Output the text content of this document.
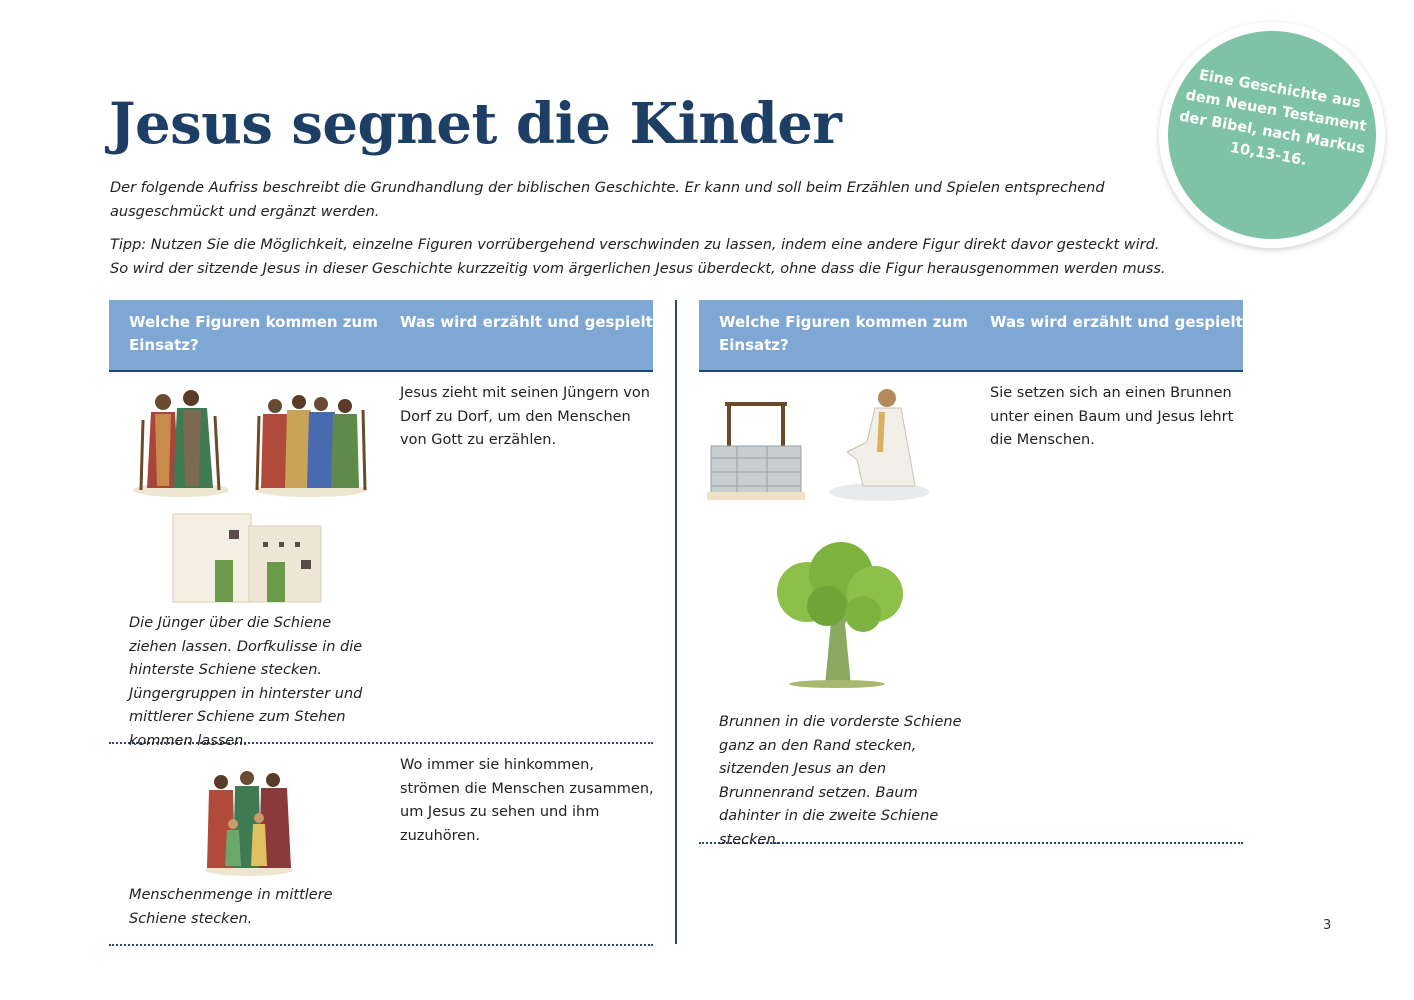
Jesus segnet die Kinder

Der folgende Aufriss beschreibt die Grundhandlung der biblischen Geschichte. Er kann und soll beim Erzählen und Spielen entsprechend ausgeschmückt und ergänzt werden.

Tipp: Nutzen Sie die Möglichkeit, einzelne Figuren vorrübergehend verschwinden zu lassen, indem eine andere Figur direkt davor gesteckt wird. So wird der sitzende Jesus in dieser Geschichte kurzzeitig vom ärgerlichen Jesus überdeckt, ohne dass die Figur herausgenommen werden muss.

Eine Geschichte aus dem Neuen Testament der Bibel, nach Markus 10,13-16.
Welche Figuren kommen zum Einsatz?
Was wird erzählt und gespielt?

Jesus zieht mit seinen Jüngern von Dorf zu Dorf, um den Menschen von Gott zu erzählen.

Die Jünger über die Schiene ziehen lassen. Dorfkulisse in die hinterste Schiene stecken. Jüngergruppen in hinterster und mittlerer Schiene zum Stehen kommen lassen.

Wo immer sie hinkommen, strömen die Menschen zusammen, um Jesus zu sehen und ihm zuzuhören.

Menschenmenge in mittlere Schiene stecken.

Welche Figuren kommen zum Einsatz?
Was wird erzählt und gespielt?

Sie setzen sich an einen Brunnen unter einen Baum und Jesus lehrt die Menschen.

Brunnen in die vorderste Schiene ganz an den Rand stecken, sitzenden Jesus an den Brunnenrand setzen. Baum dahinter in die zweite Schiene stecken.

3
